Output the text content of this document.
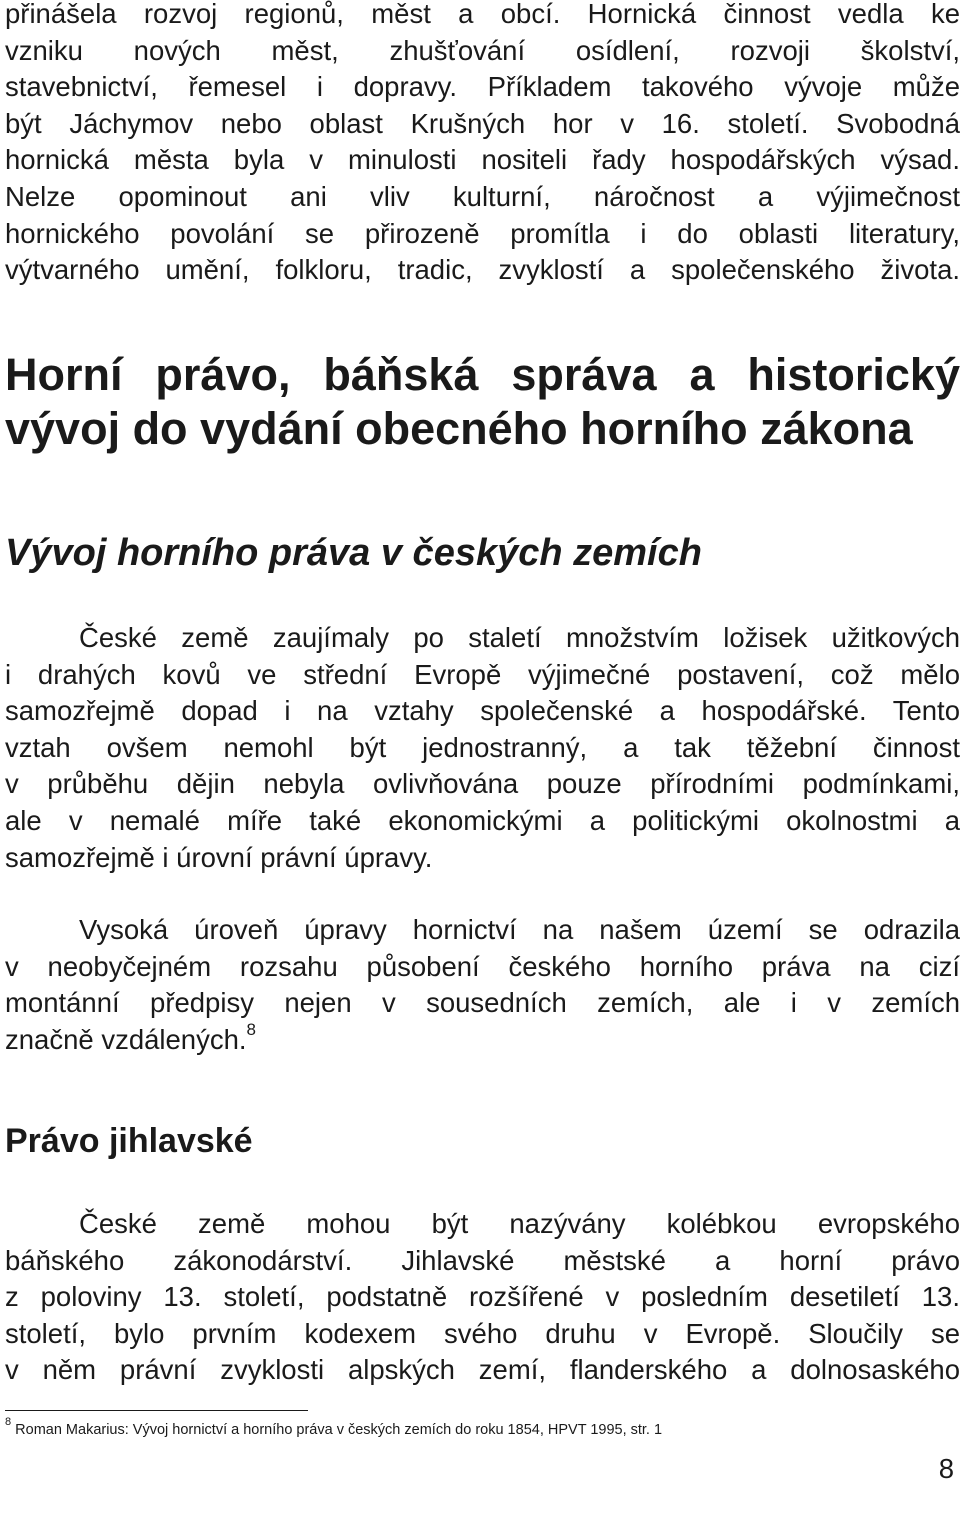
přinášela rozvoj regionů, měst a obcí. Hornická činnost vedla ke
vzniku nových měst, zhušťování osídlení, rozvoji školství,
stavebnictví, řemesel i dopravy. Příkladem takového vývoje může
být Jáchymov nebo oblast Krušných hor v 16. století. Svobodná
hornická města byla v minulosti nositeli řady hospodářských výsad.
Nelze opominout ani vliv kulturní, náročnost a výjimečnost
hornického povolání se přirozeně promítla i do oblasti literatury,
výtvarného umění, folkloru, tradic, zvyklostí a společenského života.
Horní právo, báňská správa a historický
vývoj do vydání obecného horního zákona
Vývoj horního práva v českých zemích
České země zaujímaly po staletí množstvím ložisek užitkových
i drahých kovů ve střední Evropě výjimečné postavení, což mělo
samozřejmě dopad i na vztahy společenské a hospodářské. Tento
vztah ovšem nemohl být jednostranný, a tak těžební činnost
v průběhu dějin nebyla ovlivňována pouze přírodními podmínkami,
ale v nemalé míře také ekonomickými a politickými okolnostmi a
samozřejmě i úrovní právní úpravy.
Vysoká úroveň úpravy hornictví na našem území se odrazila
v neobyčejném rozsahu působení českého horního práva na cizí
montánní předpisy nejen v sousedních zemích, ale i v zemích
značně vzdálených.$^8$
Právo jihlavské
České země mohou být nazývány kolébkou evropského
báňského zákonodárství. Jihlavské městské a horní právo
z poloviny 13. století, podstatně rozšířené v posledním desetiletí 13.
století, bylo prvním kodexem svého druhu v Evropě. Sloučily se
v něm právní zvyklosti alpských zemí, flanderského a dolnosaského
$^8$ Roman Makarius: Vývoj hornictví a horního práva v českých zemích do roku 1854, HPVT 1995, str. 1
8
